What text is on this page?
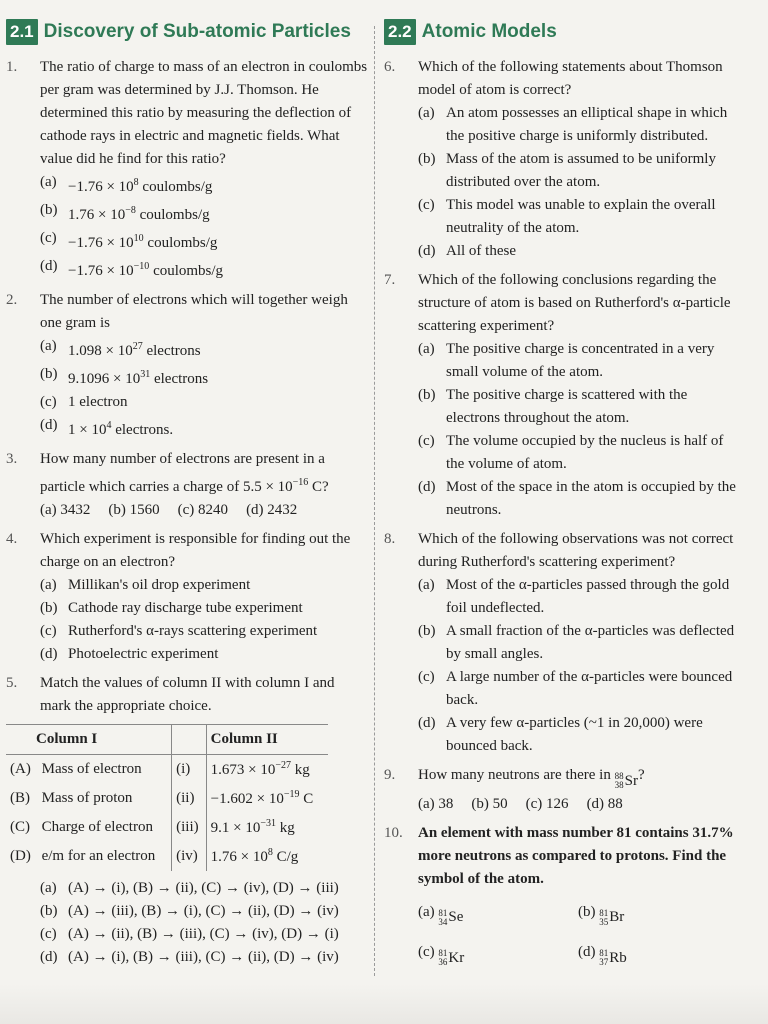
2.1 Discovery of Sub-atomic Particles
1.	The ratio of charge to mass of an electron in coulombs per gram was determined by J.J. Thomson. He determined this ratio by measuring the deflection of cathode rays in electric and magnetic fields. What value did he find for this ratio?
$(a) -1.76 \times 10^8$ coulombs/g
(b) $1.76 \times 10^{-8}$ coulombs/g
$(c) -1.76 \times 10^{10}$ coulombs/g
$(d) -1.76 \times 10^{-10}$ coulombs/g
2.	The number of electrons which will together weigh one gram is
(a) $1.098 \times 10^{27}$ electrons
(b) $9.1096 \times 10^{31}$ electrons
(c) 1 electron
(d) $1 \times 10^4$ electrons.
3.	How many number of electrons are present in a particle which carries a charge of $5.5 \times 10^{-16}$ C?
(a) 3432 (b) 1560 (c) 8240 (d) 2432
4.	Which experiment is responsible for finding out the charge on an electron?
(a) Millikan's oil drop experiment
(b) Cathode ray discharge tube experiment
(c) Rutherford's α-rays scattering experiment
(d) Photoelectric experiment
5.	Match the values of column II with column I and mark the appropriate choice.
Column I			Column II
(A)	Mass of electron	(i)	$1.673 \times 10^{-27}$ kg
(B)	Mass of proton	(ii)	$-1.602 \times 10^{-19}$ C
(C)	Charge of electron	(iii)	$9.1 \times 10^{-31}$ kg
(D)	e/m for an electron	(iv)	$1.76 \times 10^8$ C/g
(a) (A) → (i), (B) → (ii), (C) → (iv), (D) → (iii)
(b) (A) → (iii), (B) → (i), (C) → (ii), (D) → (iv)
(c) (A) → (ii), (B) → (iii), (C) → (iv), (D) → (i)
(d) (A) → (i), (B) → (iii), (C) → (ii), (D) → (iv)
2.2 Atomic Models
6.	Which of the following statements about Thomson model of atom is correct?
(a) An atom possesses an elliptical shape in which the positive charge is uniformly distributed.
(b) Mass of the atom is assumed to be uniformly distributed over the atom.
(c) This model was unable to explain the overall neutrality of the atom.
(d) All of these
7.	Which of the following conclusions regarding the structure of atom is based on Rutherford's α-particle scattering experiment?
(a) The positive charge is concentrated in a very small volume of the atom.
(b) The positive charge is scattered with the electrons throughout the atom.
(c) The volume occupied by the nucleus is half of the volume of atom.
(d) Most of the space in the atom is occupied by the neutrons.
8.	Which of the following observations was not correct during Rutherford's scattering experiment?
(a) Most of the α-particles passed through the gold foil undeflected.
(b) A small fraction of the α-particles was deflected by small angles.
(c) A large number of the α-particles were bounced back.
(d) A very few α-particles (~1 in 20,000) were bounced back.
9.	How many neutrons are there in 88
38 Sr ?
(a) 38 (b) 50 (c) 126 (d) 88
10.	An element with mass number 81 contains 31.7% more neutrons as compared to protons. Find the symbol of the atom.
(a) 81
34 Se	(b) 81
35 Br
(c) 81
36 Kr	(d) 81
37 Rb
